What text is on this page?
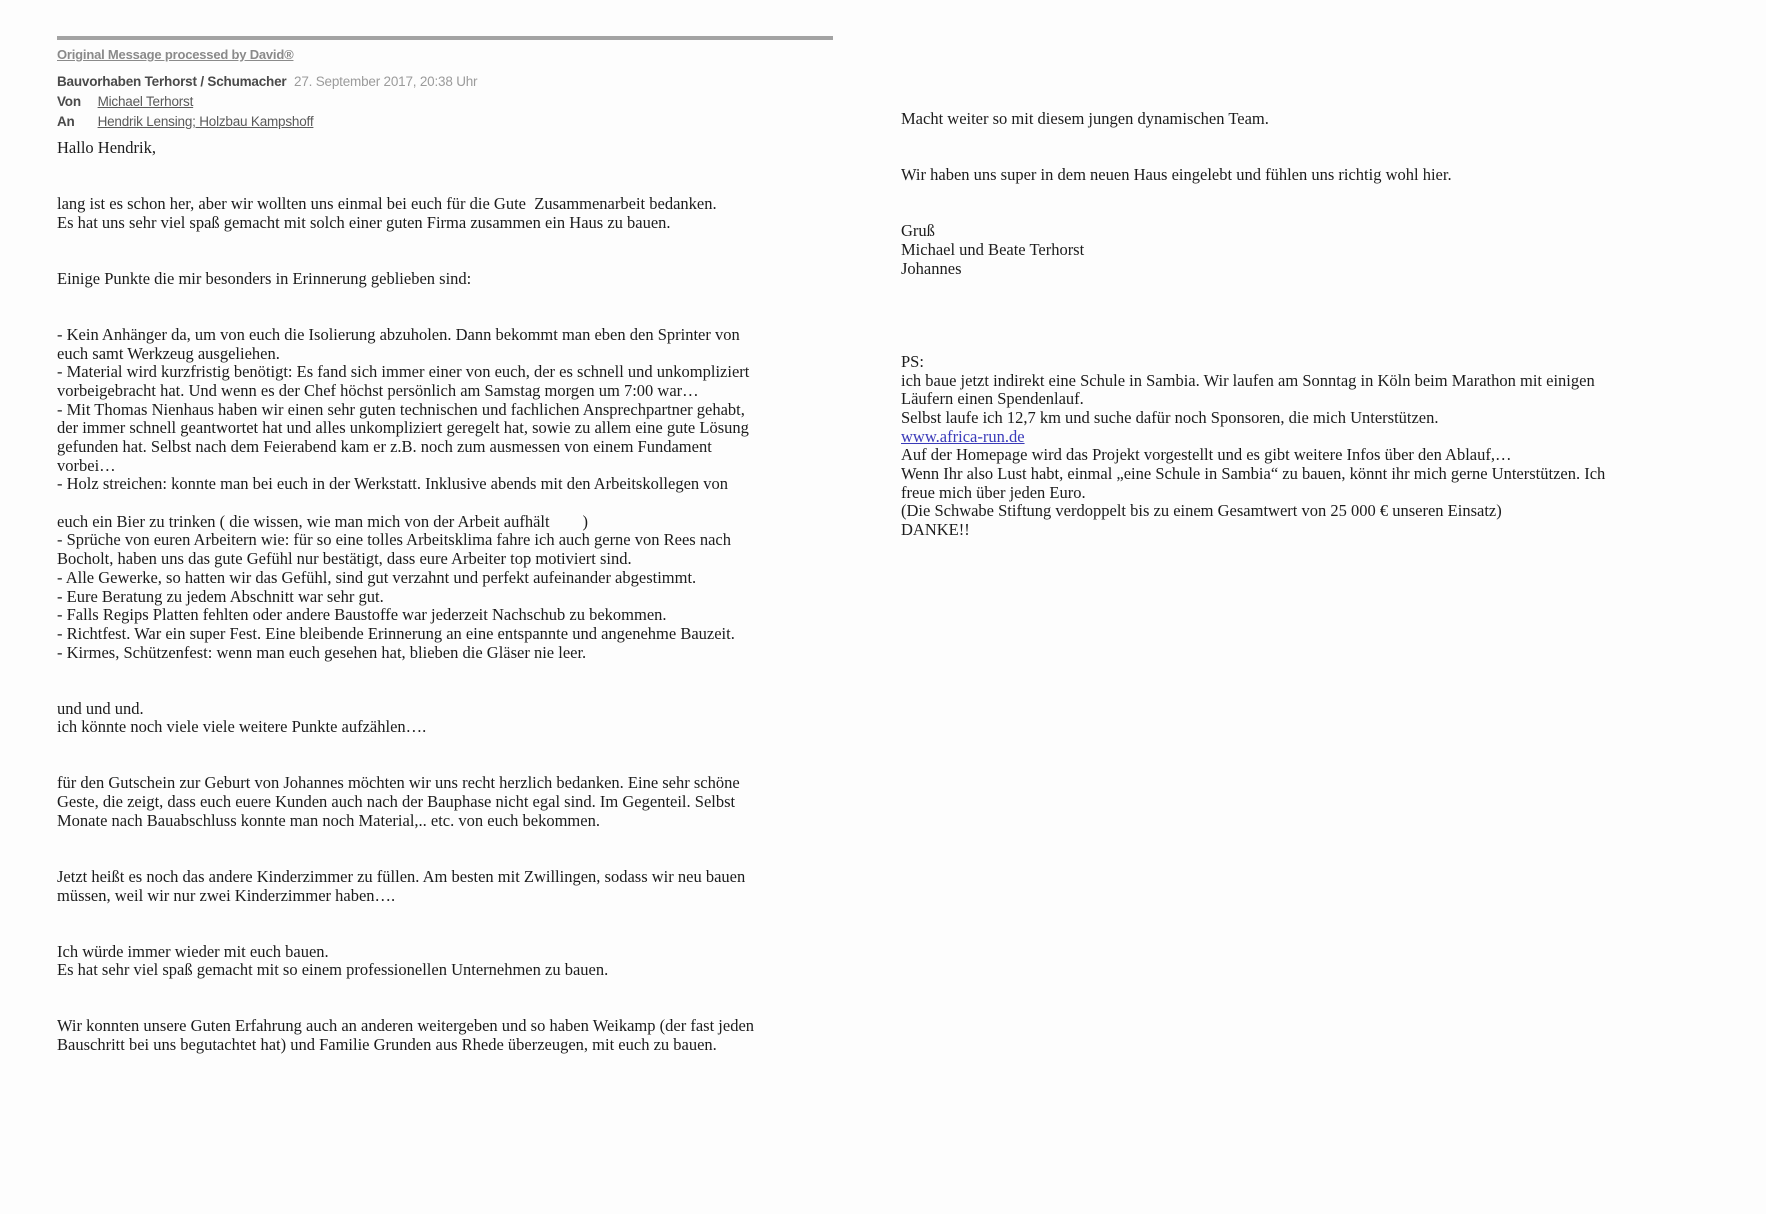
Original Message processed by David®
Bauvorhaben Terhorst / Schumacher 27. September 2017, 20:38 Uhr
Von Michael Terhorst
An Hendrik Lensing; Holzbau Kampshoff
Hallo Hendrik,

lang ist es schon her, aber wir wollten uns einmal bei euch für die Gute  Zusammenarbeit bedanken.
Es hat uns sehr viel spaß gemacht mit solch einer guten Firma zusammen ein Haus zu bauen.

Einige Punkte die mir besonders in Erinnerung geblieben sind:

- Kein Anhänger da, um von euch die Isolierung abzuholen. Dann bekommt man eben den Sprinter von
euch samt Werkzeug ausgeliehen.
- Material wird kurzfristig benötigt: Es fand sich immer einer von euch, der es schnell und unkompliziert
vorbeigebracht hat. Und wenn es der Chef höchst persönlich am Samstag morgen um 7:00 war…
- Mit Thomas Nienhaus haben wir einen sehr guten technischen und fachlichen Ansprechpartner gehabt,
der immer schnell geantwortet hat und alles unkompliziert geregelt hat, sowie zu allem eine gute Lösung
gefunden hat. Selbst nach dem Feierabend kam er z.B. noch zum ausmessen von einem Fundament
vorbei…
- Holz streichen: konnte man bei euch in der Werkstatt. Inklusive abends mit den Arbeitskollegen von

euch ein Bier zu trinken ( die wissen, wie man mich von der Arbeit aufhält        )
- Sprüche von euren Arbeitern wie: für so eine tolles Arbeitsklima fahre ich auch gerne von Rees nach
Bocholt, haben uns das gute Gefühl nur bestätigt, dass eure Arbeiter top motiviert sind.
- Alle Gewerke, so hatten wir das Gefühl, sind gut verzahnt und perfekt aufeinander abgestimmt.
- Eure Beratung zu jedem Abschnitt war sehr gut.
- Falls Regips Platten fehlten oder andere Baustoffe war jederzeit Nachschub zu bekommen.
- Richtfest. War ein super Fest. Eine bleibende Erinnerung an eine entspannte und angenehme Bauzeit.
- Kirmes, Schützenfest: wenn man euch gesehen hat, blieben die Gläser nie leer.

und und und.
ich könnte noch viele viele weitere Punkte aufzählen….

für den Gutschein zur Geburt von Johannes möchten wir uns recht herzlich bedanken. Eine sehr schöne
Geste, die zeigt, dass euch euere Kunden auch nach der Bauphase nicht egal sind. Im Gegenteil. Selbst
Monate nach Bauabschluss konnte man noch Material,.. etc. von euch bekommen.

Jetzt heißt es noch das andere Kinderzimmer zu füllen. Am besten mit Zwillingen, sodass wir neu bauen
müssen, weil wir nur zwei Kinderzimmer haben….

Ich würde immer wieder mit euch bauen.
Es hat sehr viel spaß gemacht mit so einem professionellen Unternehmen zu bauen.

Wir konnten unsere Guten Erfahrung auch an anderen weitergeben und so haben Weikamp (der fast jeden
Bauschritt bei uns begutachtet hat) und Familie Grunden aus Rhede überzeugen, mit euch zu bauen.
Macht weiter so mit diesem jungen dynamischen Team.

Wir haben uns super in dem neuen Haus eingelebt und fühlen uns richtig wohl hier.

Gruß
Michael und Beate Terhorst
Johannes

PS:
ich baue jetzt indirekt eine Schule in Sambia. Wir laufen am Sonntag in Köln beim Marathon mit einigen
Läufern einen Spendenlauf.
Selbst laufe ich 12,7 km und suche dafür noch Sponsoren, die mich Unterstützen.
www.africa-run.de
Auf der Homepage wird das Projekt vorgestellt und es gibt weitere Infos über den Ablauf,…
Wenn Ihr also Lust habt, einmal „eine Schule in Sambia“ zu bauen, könnt ihr mich gerne Unterstützen. Ich
freue mich über jeden Euro.
(Die Schwabe Stiftung verdoppelt bis zu einem Gesamtwert von 25 000 € unseren Einsatz)
DANKE!!
